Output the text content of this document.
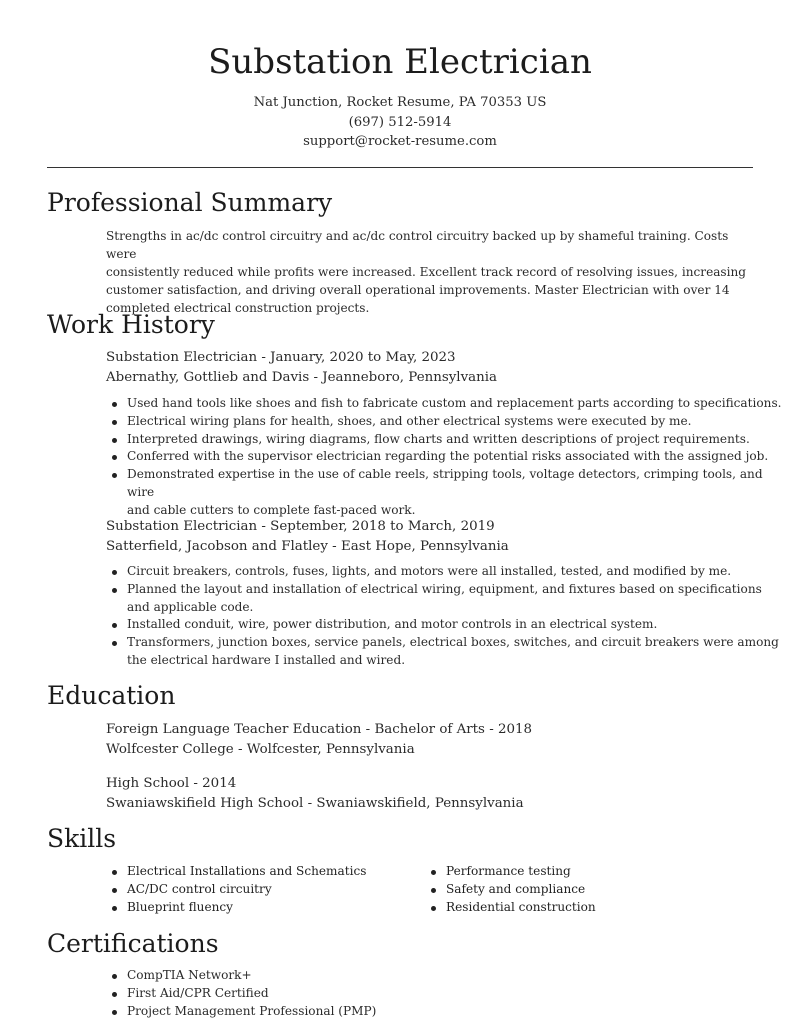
Substation Electrician
Nat Junction, Rocket Resume, PA 70353 US
(697) 512-5914
support@rocket-resume.com
Professional Summary
Strengths in ac/dc control circuitry and ac/dc control circuitry backed up by shameful training. Costs were
consistently reduced while profits were increased. Excellent track record of resolving issues, increasing
customer satisfaction, and driving overall operational improvements. Master Electrician with over 14
completed electrical construction projects.
Work History
Substation Electrician - January, 2020 to May, 2023
Abernathy, Gottlieb and Davis - Jeanneboro, Pennsylvania
Used hand tools like shoes and fish to fabricate custom and replacement parts according to specifications.
Electrical wiring plans for health, shoes, and other electrical systems were executed by me.
Interpreted drawings, wiring diagrams, flow charts and written descriptions of project requirements.
Conferred with the supervisor electrician regarding the potential risks associated with the assigned job.
Demonstrated expertise in the use of cable reels, stripping tools, voltage detectors, crimping tools, and wire
and cable cutters to complete fast-paced work.
Substation Electrician - September, 2018 to March, 2019
Satterfield, Jacobson and Flatley - East Hope, Pennsylvania
Circuit breakers, controls, fuses, lights, and motors were all installed, tested, and modified by me.
Planned the layout and installation of electrical wiring, equipment, and fixtures based on specifications
and applicable code.
Installed conduit, wire, power distribution, and motor controls in an electrical system.
Transformers, junction boxes, service panels, electrical boxes, switches, and circuit breakers were among
the electrical hardware I installed and wired.
Education
Foreign Language Teacher Education - Bachelor of Arts - 2018
Wolfcester College - Wolfcester, Pennsylvania
High School - 2014
Swaniawskifield High School - Swaniawskifield, Pennsylvania
Skills
Electrical Installations and Schematics
AC/DC control circuitry
Blueprint fluency
Performance testing
Safety and compliance
Residential construction
Certifications
CompTIA Network+
First Aid/CPR Certified
Project Management Professional (PMP)
